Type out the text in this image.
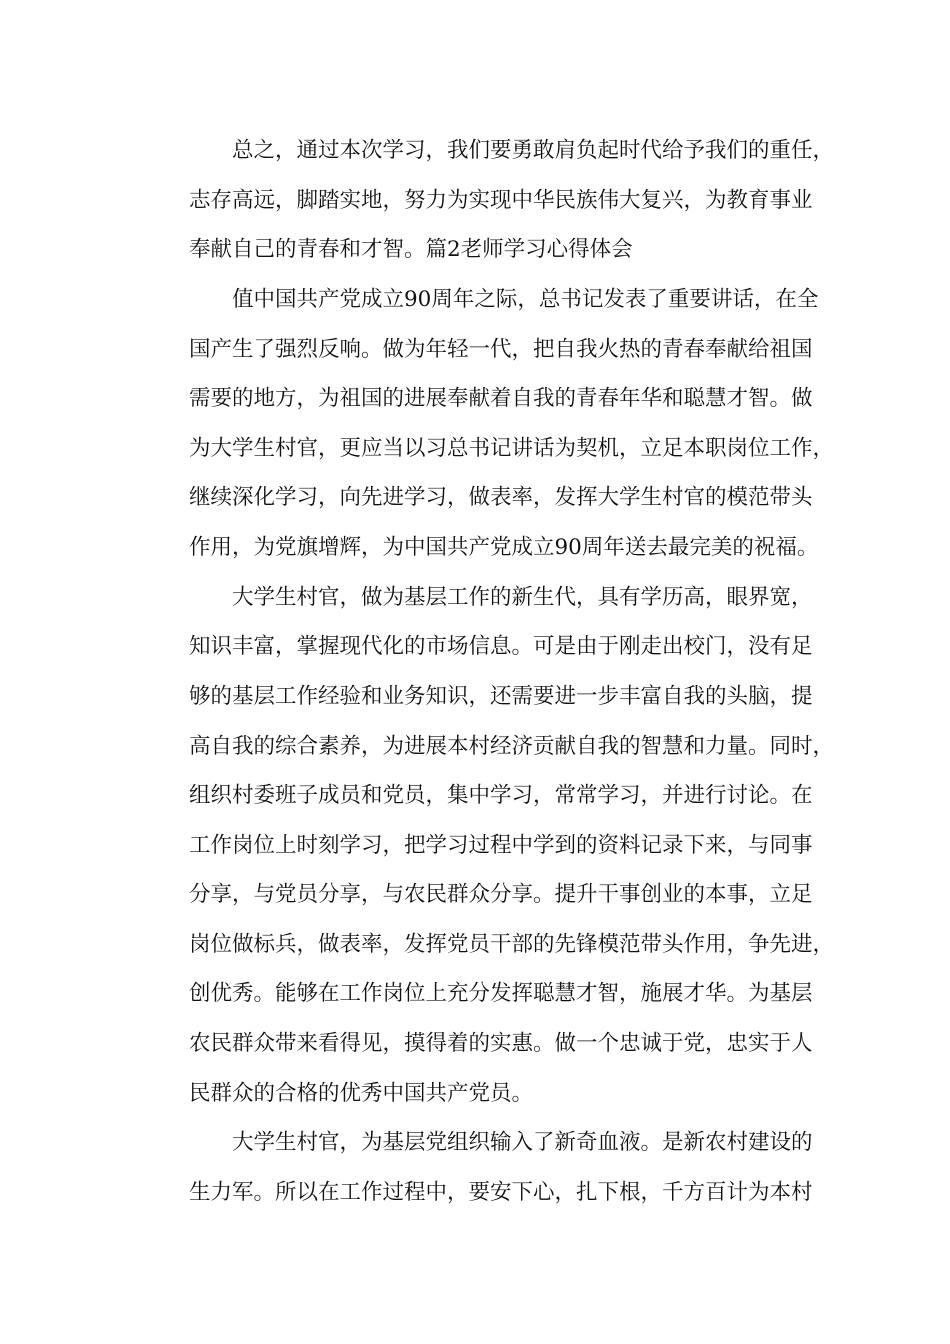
总之，通过本次学习，我们要勇敢肩负起时代给予我们的重任，
志存高远，脚踏实地，努力为实现中华民族伟大复兴，为教育事业
奉献自己的青春和才智。篇2老师学习心得体会
值中国共产党成立90周年之际，总书记发表了重要讲话，在全
国产生了强烈反响。做为年轻一代，把自我火热的青春奉献给祖国
需要的地方，为祖国的进展奉献着自我的青春年华和聪慧才智。做
为大学生村官，更应当以习总书记讲话为契机，立足本职岗位工作，
继续深化学习，向先进学习，做表率，发挥大学生村官的模范带头
作用，为党旗增辉，为中国共产党成立90周年送去最完美的祝福。
大学生村官，做为基层工作的新生代，具有学历高，眼界宽，
知识丰富，掌握现代化的市场信息。可是由于刚走出校门，没有足
够的基层工作经验和业务知识，还需要进一步丰富自我的头脑，提
高自我的综合素养，为进展本村经济贡献自我的智慧和力量。同时，
组织村委班子成员和党员，集中学习，常常学习，并进行讨论。在
工作岗位上时刻学习，把学习过程中学到的资料记录下来，与同事
分享，与党员分享，与农民群众分享。提升干事创业的本事，立足
岗位做标兵，做表率，发挥党员干部的先锋模范带头作用，争先进，
创优秀。能够在工作岗位上充分发挥聪慧才智，施展才华。为基层
农民群众带来看得见，摸得着的实惠。做一个忠诚于党，忠实于人
民群众的合格的优秀中国共产党员。
大学生村官，为基层党组织输入了新奇血液。是新农村建设的
生力军。所以在工作过程中，要安下心，扎下根，千方百计为本村
